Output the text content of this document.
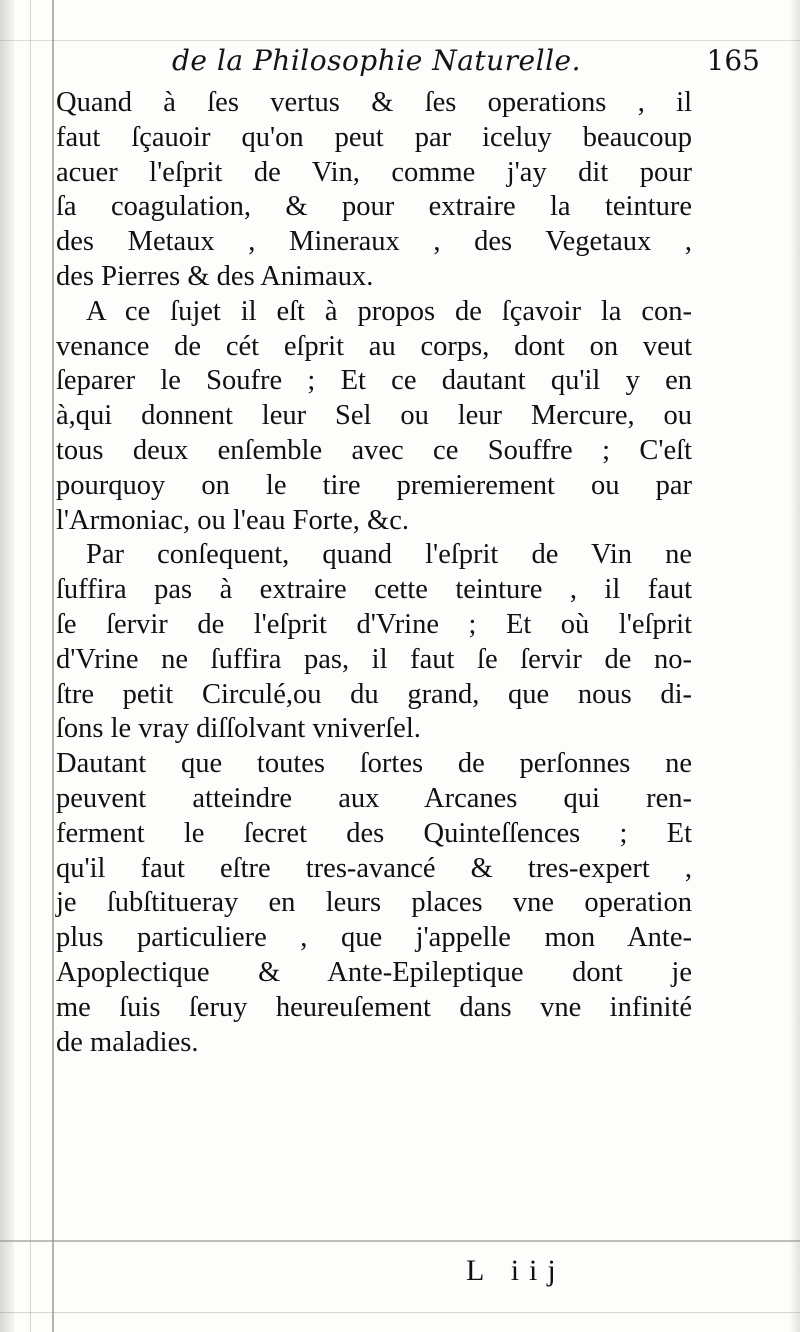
de la Philosophie Naturelle.	165
Quand à ſes vertus & ſes operations , il
faut ſçauoir qu'on peut par iceluy beaucoup
acuer l'eſprit de Vin, comme j'ay dit pour
ſa coagulation, & pour extraire la teinture
des Metaux , Mineraux , des Vegetaux ,
des Pierres & des Animaux.
A ce ſujet il eſt à propos de ſçavoir la con-
venance de cét eſprit au corps, dont on veut
ſeparer le Soufre ; Et ce dautant qu'il y en
à,qui donnent leur Sel ou leur Mercure, ou
tous deux enſemble avec ce Souffre ; C'eſt
pourquoy on le tire premierement ou par
l'Armoniac, ou l'eau Forte, &c.
Par conſequent, quand l'eſprit de Vin ne
ſuffira pas à extraire cette teinture , il faut
ſe ſervir de l'eſprit d'Vrine ; Et où l'eſprit
d'Vrine ne ſuffira pas, il faut ſe ſervir de no-
ſtre petit Circulé,ou du grand, que nous di-
ſons le vray diſſolvant vniverſel.
Dautant que toutes ſortes de perſonnes ne
peuvent atteindre aux Arcanes qui ren-
ferment le ſecret des Quinteſſences ; Et
qu'il faut eſtre tres-avancé & tres-expert ,
je ſubſtitueray en leurs places vne operation
plus particuliere , que j'appelle mon Ante-
Apoplectique & Ante-Epileptique dont je
me ſuis ſeruy heureuſement dans vne infinité
de maladies.
L iij
